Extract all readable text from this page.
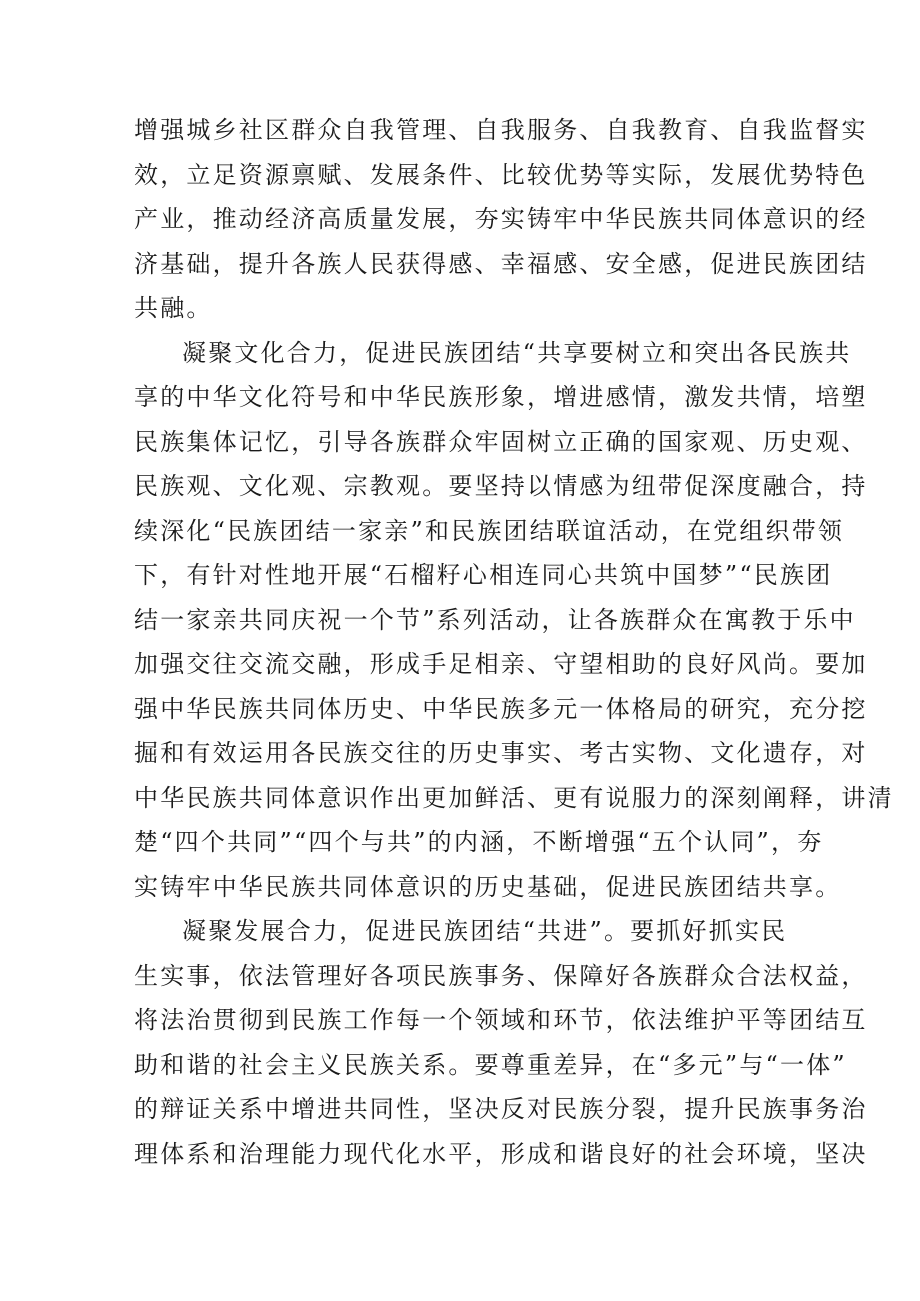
增强城乡社区群众自我管理、自我服务、自我教育、自我监督实
效，立足资源禀赋、发展条件、比较优势等实际，发展优势特色
产业，推动经济高质量发展，夯实铸牢中华民族共同体意识的经
济基础，提升各族人民获得感、幸福感、安全感，促进民族团结
共融。
凝聚文化合力，促进民族团结“共享要树立和突出各民族共
享的中华文化符号和中华民族形象，增进感情，激发共情，培塑
民族集体记忆，引导各族群众牢固树立正确的国家观、历史观、
民族观、文化观、宗教观。要坚持以情感为纽带促深度融合，持
续深化“民族团结一家亲”和民族团结联谊活动，在党组织带领
下，有针对性地开展“石榴籽心相连同心共筑中国梦”“民族团
结一家亲共同庆祝一个节”系列活动，让各族群众在寓教于乐中
加强交往交流交融，形成手足相亲、守望相助的良好风尚。要加
强中华民族共同体历史、中华民族多元一体格局的研究，充分挖
掘和有效运用各民族交往的历史事实、考古实物、文化遗存，对
中华民族共同体意识作出更加鲜活、更有说服力的深刻阐释，讲清
楚“四个共同”“四个与共”的内涵，不断增强“五个认同”，夯
实铸牢中华民族共同体意识的历史基础，促进民族团结共享。
凝聚发展合力，促进民族团结“共进”。要抓好抓实民
生实事，依法管理好各项民族事务、保障好各族群众合法权益，
将法治贯彻到民族工作每一个领域和环节，依法维护平等团结互
助和谐的社会主义民族关系。要尊重差异，在“多元”与“一体”
的辩证关系中增进共同性，坚决反对民族分裂，提升民族事务治
理体系和治理能力现代化水平，形成和谐良好的社会环境，坚决
